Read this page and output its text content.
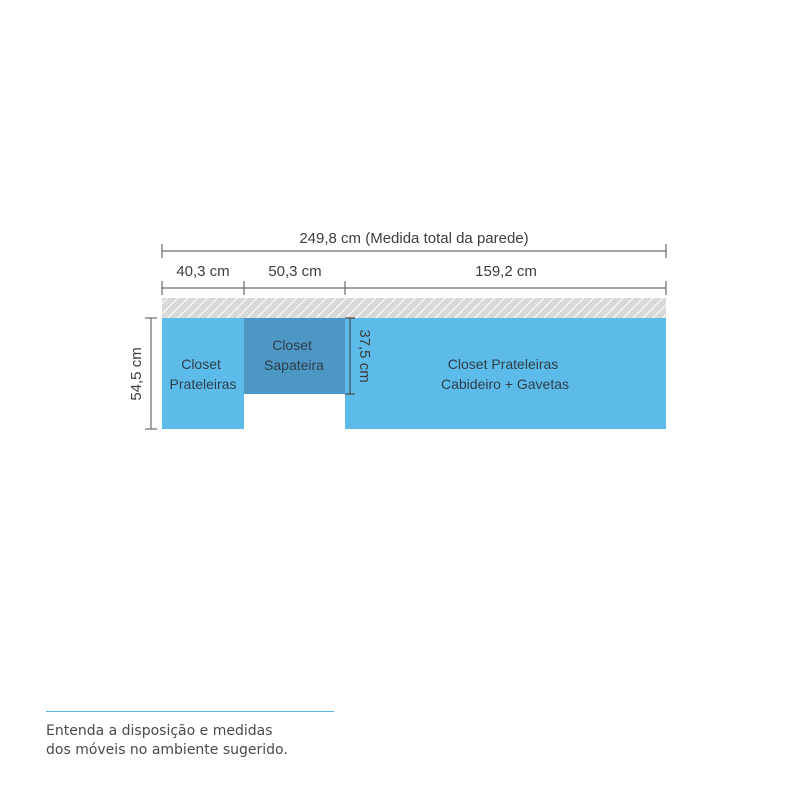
249,8 cm (Medida total da parede)
40,3 cm	50,3 cm	159,2 cm
Closet Prateleiras
Closet Sapateira	Closet Prateleiras Cabideiro + Gavetas
54,5 cm	37,5 cm

Entenda a disposição e medidas
dos móveis no ambiente sugerido.
